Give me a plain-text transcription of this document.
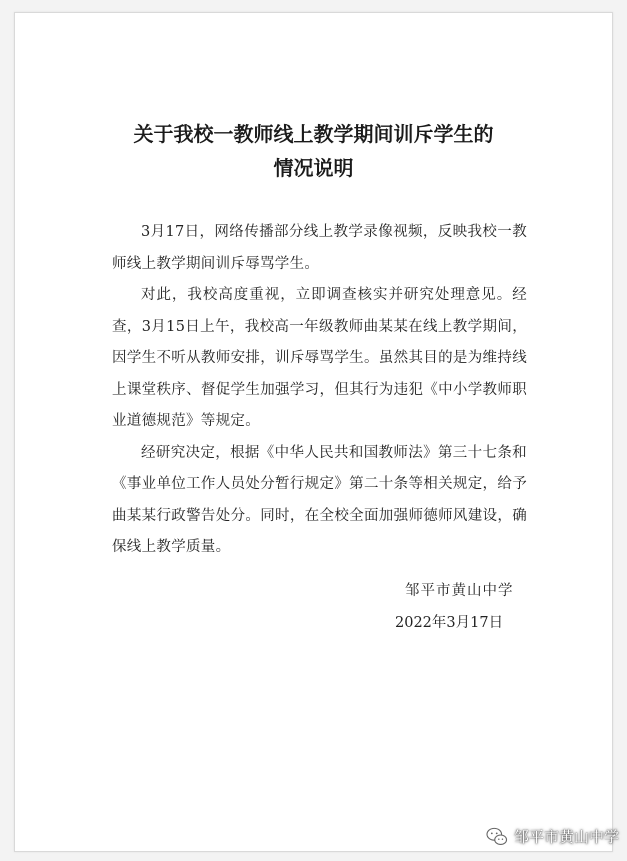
关于我校一教师线上教学期间训斥学生的
情况说明

3月17日，网络传播部分线上教学录像视频，反映我校一教师线上教学期间训斥辱骂学生。

对此，我校高度重视，立即调查核实并研究处理意见。经查，3月15日上午，我校高一年级教师曲某某在线上教学期间，因学生不听从教师安排，训斥辱骂学生。虽然其目的是为维持线上课堂秩序、督促学生加强学习，但其行为违犯《中小学教师职业道德规范》等规定。

经研究决定，根据《中华人民共和国教师法》第三十七条和《事业单位工作人员处分暂行规定》第二十条等相关规定，给予曲某某行政警告处分。同时，在全校全面加强师德师风建设，确保线上教学质量。

邹平市黄山中学
2022年3月17日
邹平市黄山中学
